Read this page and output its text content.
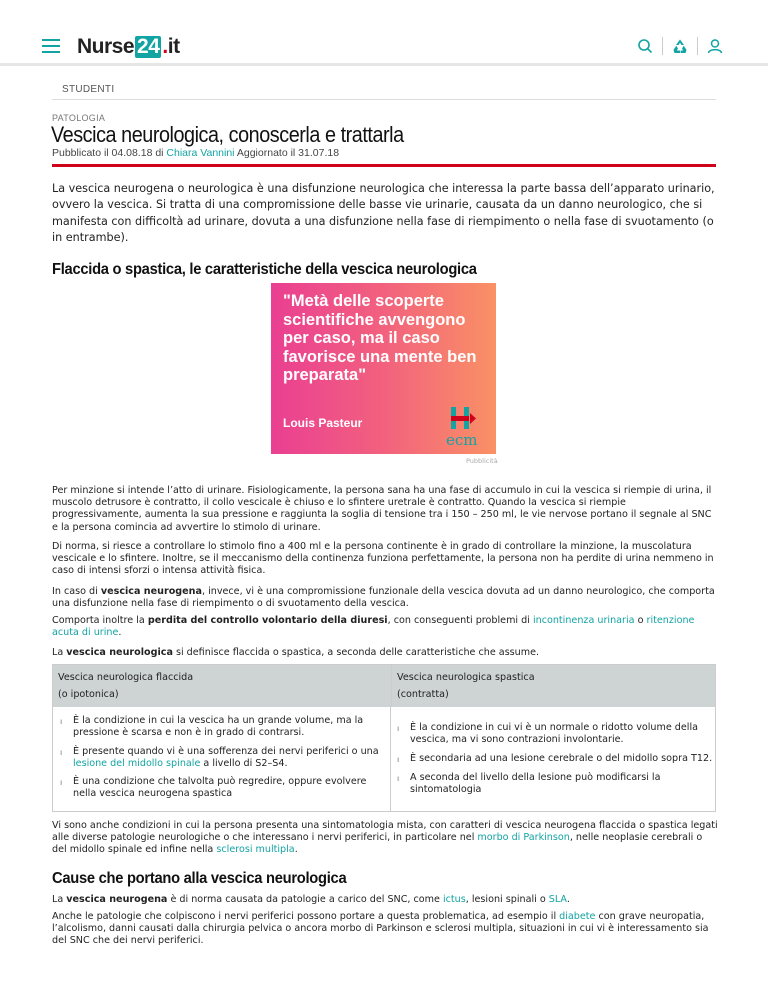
Nurse 24 . it
STUDENTI
PATOLOGIA
Vescica neurologica, conoscerla e trattarla
Pubblicato il 04.08.18 di Chiara Vannini Aggiornato il 31.07.18

La vescica neurogena o neurologica è una disfunzione neurologica che interessa la parte bassa dell’apparato urinario, ovvero la vescica. Si tratta di una compromissione delle basse vie urinarie, causata da un danno neurologico, che si manifesta con difficoltà ad urinare, dovuta a una disfunzione nella fase di riempimento o nella fase di svuotamento (o in entrambe).

Flaccida o spastica, le caratteristiche della vescica neurologica
"Metà delle scoperte scientifiche avvengono per caso, ma il caso favorisce una mente ben preparata"
Louis Pasteur
ecm
Pubblicità

Per minzione si intende l’atto di urinare. Fisiologicamente, la persona sana ha una fase di accumulo in cui la vescica si riempie di urina, il muscolo detrusore è contratto, il collo vescicale è chiuso e lo sfintere uretrale è contratto. Quando la vescica si riempie progressivamente, aumenta la sua pressione e raggiunta la soglia di tensione tra i 150 – 250 ml, le vie nervose portano il segnale al SNC e la persona comincia ad avvertire lo stimolo di urinare.

Di norma, si riesce a controllare lo stimolo fino a 400 ml e la persona continente è in grado di controllare la minzione, la muscolatura vescicale e lo sfintere. Inoltre, se il meccanismo della continenza funziona perfettamente, la persona non ha perdite di urina nemmeno in caso di intensi sforzi o intensa attività fisica.

In caso di vescica neurogena, invece, vi è una compromissione funzionale della vescica dovuta ad un danno neurologico, che comporta una disfunzione nella fase di riempimento o di svuotamento della vescica.

Comporta inoltre la perdita del controllo volontario della diuresi, con conseguenti problemi di incontinenza urinaria o ritenzione acuta di urine.

La vescica neurologica si definisce flaccida o spastica, a seconda delle caratteristiche che assume.

Vescica neurologica flaccida
(o ipotonica)
Vescica neurologica spastica
(contratta)
ı È la condizione in cui la vescica ha un grande volume, ma la pressione è scarsa e non è in grado di contrarsi.
ı È presente quando vi è una sofferenza dei nervi periferici o una lesione del midollo spinale a livello di S2–S4.
ı È una condizione che talvolta può regredire, oppure evolvere nella vescica neurogena spastica
ı È la condizione in cui vi è un normale o ridotto volume della vescica, ma vi sono contrazioni involontarie.
ı È secondaria ad una lesione cerebrale o del midollo sopra T12.
ı A seconda del livello della lesione può modificarsi la sintomatologia

Vi sono anche condizioni in cui la persona presenta una sintomatologia mista, con caratteri di vescica neurogena flaccida o spastica legati alle diverse patologie neurologiche o che interessano i nervi periferici, in particolare nel morbo di Parkinson, nelle neoplasie cerebrali o del midollo spinale ed infine nella sclerosi multipla.

Cause che portano alla vescica neurologica

La vescica neurogena è di norma causata da patologie a carico del SNC, come ictus, lesioni spinali o SLA.

Anche le patologie che colpiscono i nervi periferici possono portare a questa problematica, ad esempio il diabete con grave neuropatia, l’alcolismo, danni causati dalla chirurgia pelvica o ancora morbo di Parkinson e sclerosi multipla, situazioni in cui vi è interessamento sia del SNC che dei nervi periferici.
